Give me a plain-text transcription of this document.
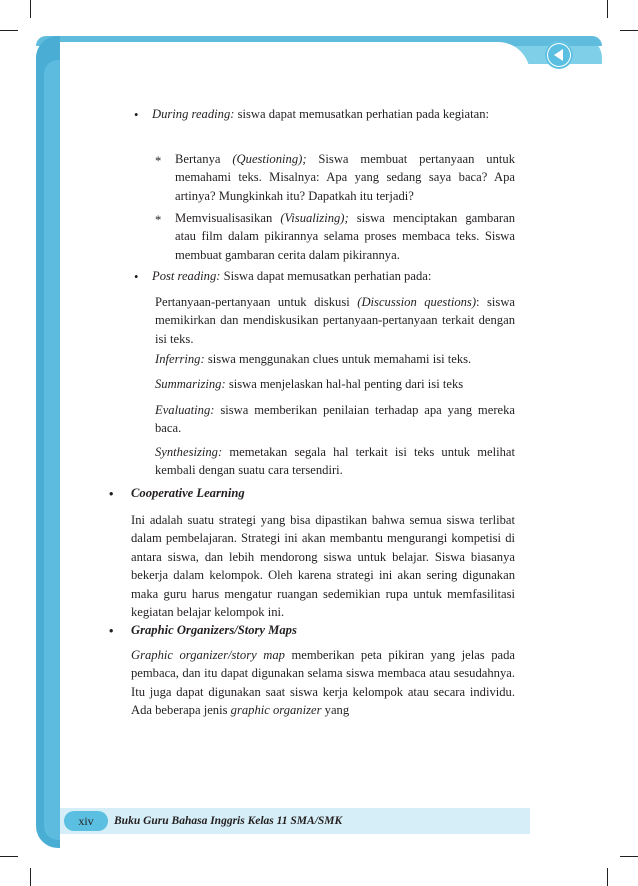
• During reading: siswa dapat memusatkan perhatian pada kegiatan:
* Bertanya (Questioning); Siswa membuat pertanyaan untuk memahami teks. Misalnya: Apa yang sedang saya baca? Apa artinya? Mungkinkah itu? Dapatkah itu terjadi?
* Memvisualisasikan (Visualizing); siswa menciptakan gambaran atau film dalam pikirannya selama proses membaca teks. Siswa membuat gambaran cerita dalam pikirannya.
• Post reading: Siswa dapat memusatkan perhatian pada:
Pertanyaan-pertanyaan untuk diskusi (Discussion questions): siswa memikirkan dan mendiskusikan pertanyaan-pertanyaan terkait dengan isi teks.
Inferring: siswa menggunakan clues untuk memahami isi teks.
Summarizing: siswa menjelaskan hal-hal penting dari isi teks
Evaluating: siswa memberikan penilaian terhadap apa yang mereka baca.
Synthesizing: memetakan segala hal terkait isi teks untuk melihat kembali dengan suatu cara tersendiri.
• Cooperative Learning
Ini adalah suatu strategi yang bisa dipastikan bahwa semua siswa terlibat dalam pembelajaran. Strategi ini akan membantu mengurangi kompetisi di antara siswa, dan lebih mendorong siswa untuk belajar. Siswa biasanya bekerja dalam kelompok. Oleh karena strategi ini akan sering digunakan maka guru harus mengatur ruangan sedemikian rupa untuk memfasilitasi kegiatan belajar kelompok ini.
• Graphic Organizers/Story Maps
Graphic organizer/story map memberikan peta pikiran yang jelas pada pembaca, dan itu dapat digunakan selama siswa membaca atau sesudahnya. Itu juga dapat digunakan saat siswa kerja kelompok atau secara individu. Ada beberapa jenis graphic organizer yang
xiv	Buku Guru Bahasa Inggris Kelas 11 SMA/SMK
